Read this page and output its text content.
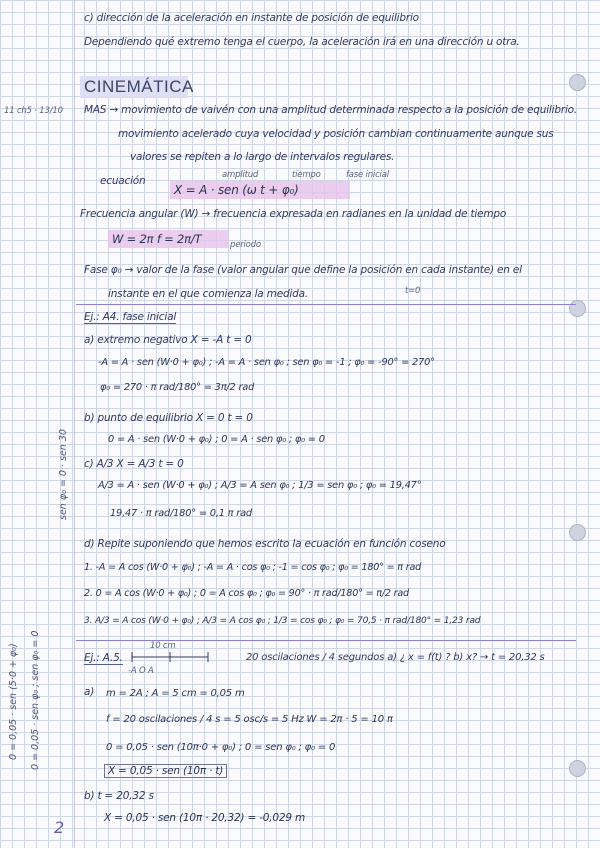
c) dirección de la aceleración en instante de posición de equilibrio
Dependiendo qué extremo tenga el cuerpo, la aceleración irá en una dirección u otra.
CINEMÁTICA
11 ch5 · 13/10 MAS → movimiento de vaivén con una amplitud determinada respecto a la posición de equilibrio.
movimiento acelerado cuya velocidad y posición cambian continuamente aunque sus
valores se repiten a lo largo de intervalos regulares.
amplitud	tiempo	fase inicial
ecuación
X = A · sen (ω t + φ₀)
Frecuencia angular (W) → frecuencia expresada en radianes en la unidad de tiempo
W = 2π f = 2π/T	periodo
Fase φ₀ → valor de la fase (valor angular que define la posición en cada instante) en el
instante en el que comienza la medida.	t=0
Ej.: A4. fase inicial
a) extremo negativo X = -A t = 0
-A = A · sen (W·0 + φ₀) ; -A = A · sen φ₀ ; sen φ₀ = -1 ; φ₀ = -90° = 270°
φ₀ = 270 · π rad/180° = 3π/2 rad
b) punto de equilibrio X = 0 t = 0
0 = A · sen (W·0 + φ₀) ; 0 = A · sen φ₀ ; φ₀ = 0
c) A/3 X = A/3 t = 0
A/3 = A · sen (W·0 + φ₀) ; A/3 = A sen φ₀ ; 1/3 = sen φ₀ ; φ₀ = 19,47°
19,47 · π rad/180° = 0,1 π rad
d) Repite suponiendo que hemos escrito la ecuación en función coseno
1. -A = A cos (W·0 + φ₀) ; -A = A · cos φ₀ ; -1 = cos φ₀ ; φ₀ = 180° = π rad
2. 0 = A cos (W·0 + φ₀) ; 0 = A cos φ₀ ; φ₀ = 90° · π rad/180° = π/2 rad
3. A/3 = A cos (W·0 + φ₀) ; A/3 = A cos φ₀ ; 1/3 = cos φ₀ ; φ₀ = 70,5 · π rad/180° = 1,23 rad
Ej.: A.5.
10 cm
-A O A
20 oscilaciones / 4 segundos a) ¿ x = f(t) ? b) x? → t = 20,32 s
a) m = 2A ; A = 5 cm = 0,05 m
f = 20 oscilaciones / 4 s = 5 osc/s = 5 Hz W = 2π · 5 = 10 π
0 = 0,05 · sen (10π·0 + φ₀) ; 0 = sen φ₀ ; φ₀ = 0
X = 0,05 · sen (10π · t)
b) t = 20,32 s
X = 0,05 · sen (10π · 20,32) = -0,029 m
2
sen φ₀ = 0 · sen 30
0 = 0,05 · sen (5·0 + φ₀) 0 = 0,05 · sen φ₀ ; sen φ₀ = 0
